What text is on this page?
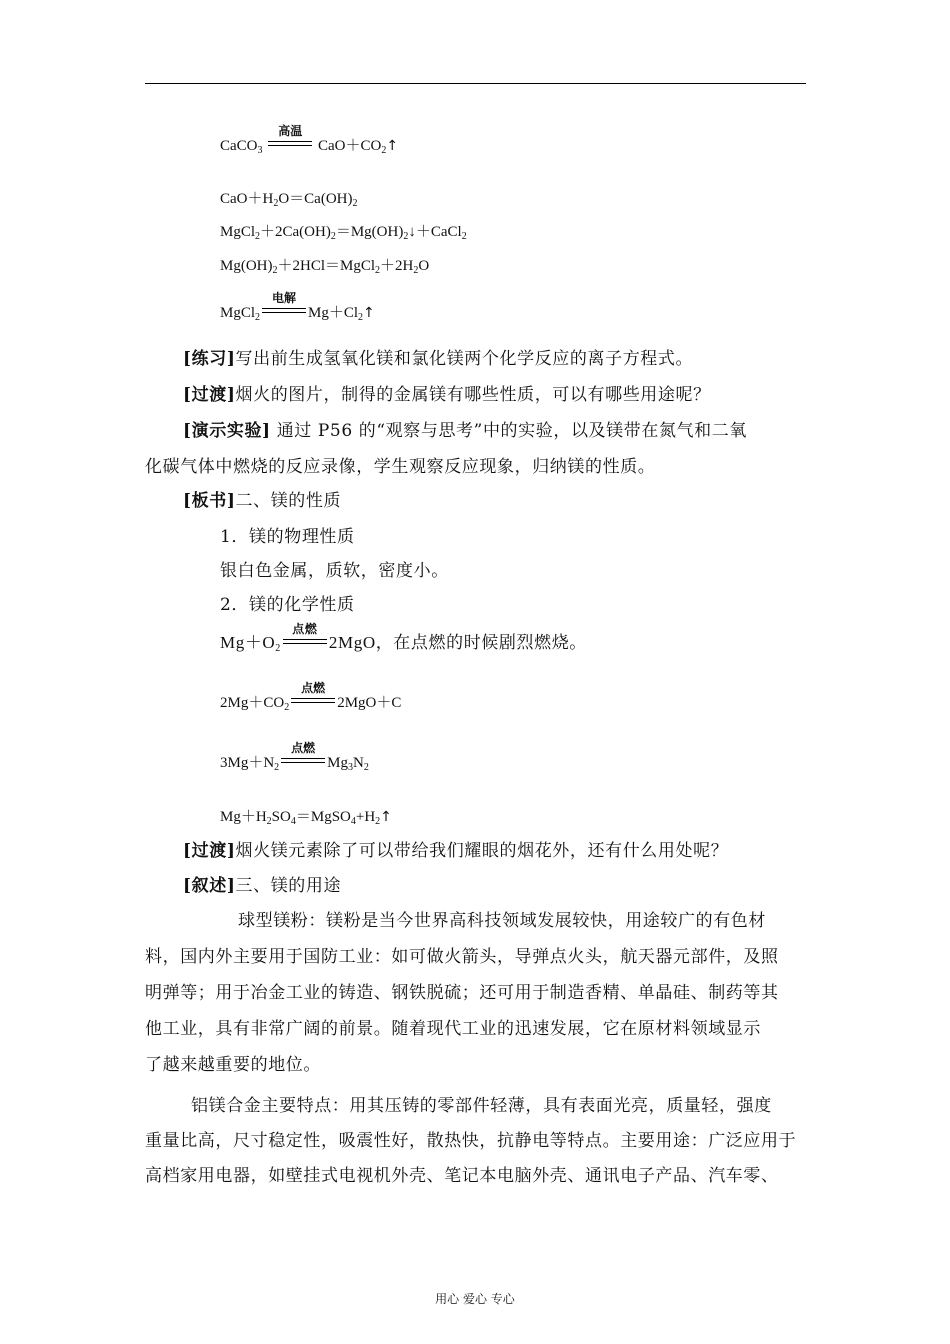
CaCO$_3$
高温
$CaO+CO_2↑$
$CaO+H_2O=Ca(OH)_2$
$MgCl_2+2Ca(OH)_2=Mg(OH)_2↓+CaCl_2$
$Mg(OH)_2+2HCl=MgCl_2+2H_2O$
MgCl$_2$
电解
$Mg+Cl_2↑$
[练习]写出前生成氢氧化镁和氯化镁两个化学反应的离子方程式。
[过渡]烟火的图片，制得的金属镁有哪些性质，可以有哪些用途呢？
[演示实验] 通过 P56 的“观察与思考”中的实验，以及镁带在氮气和二氧
化碳气体中燃烧的反应录像，学生观察反应现象，归纳镁的性质。
[板书]二、镁的性质
1．镁的物理性质
银白色金属，质软，密度小。
2．镁的化学性质
$Mg+O_2$
点燃
2MgO，在点燃的时候剧烈燃烧。
$2Mg+CO_2$
点燃
2MgO＋C
$3Mg+N_2$
点燃
$Mg_3N_2$
$Mg+H_2SO_4=MgSO_4+H_2↑$
[过渡]烟火镁元素除了可以带给我们耀眼的烟花外，还有什么用处呢？
[叙述]三、镁的用途
球型镁粉：镁粉是当今世界高科技领域发展较快，用途较广的有色材
料，国内外主要用于国防工业：如可做火箭头，导弹点火头，航天器元部件，及照
明弹等；用于冶金工业的铸造、钢铁脱硫；还可用于制造香精、单晶硅、制药等其
他工业，具有非常广阔的前景。随着现代工业的迅速发展，它在原材料领域显示
了越来越重要的地位。
铝镁合金主要特点：用其压铸的零部件轻薄，具有表面光亮，质量轻，强度
重量比高，尺寸稳定性，吸震性好，散热快，抗静电等特点。主要用途：广泛应用于
高档家用电器，如壁挂式电视机外壳、笔记本电脑外壳、通讯电子产品、汽车零、
用心 爱心 专心
